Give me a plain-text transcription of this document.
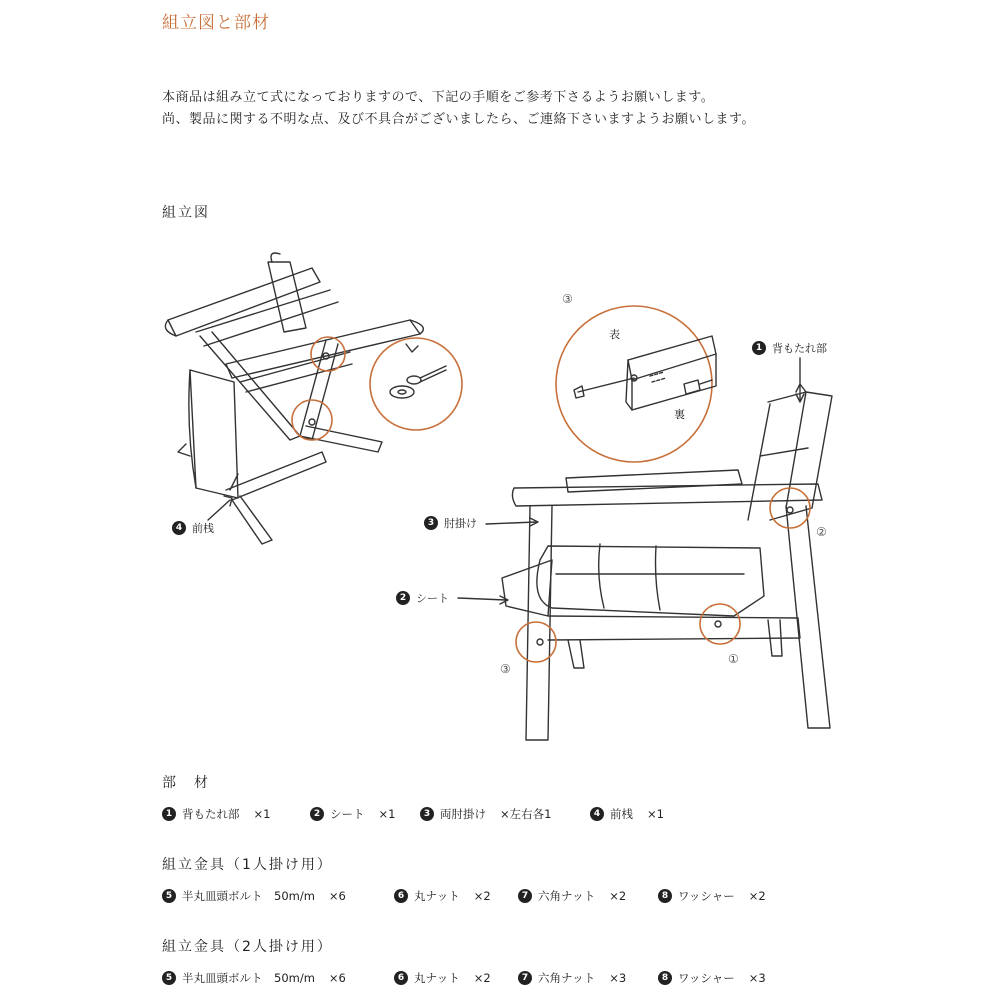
組立図と部材
本商品は組み立て式になっておりますので、下記の手順をご参考下さるようお願いします。
尚、製品に関する不明な点、及び不具合がございましたら、ご連絡下さいますようお願いします。
組立図
4 前桟
1 背もたれ部
3 肘掛け
2 シート
表
裏
③
②
①
③
部　材
1 背もたれ部 ×1	2 シート ×1	3 両肘掛け ×左右各1	4 前桟 ×1
組立金具（1人掛け用）
5 半丸皿頭ボルト　50m/m ×6	6 丸ナット ×2	7 六角ナット ×2	8 ワッシャー ×2
組立金具（2人掛け用）
5 半丸皿頭ボルト　50m/m ×6	6 丸ナット ×2	7 六角ナット ×3	8 ワッシャー ×3
